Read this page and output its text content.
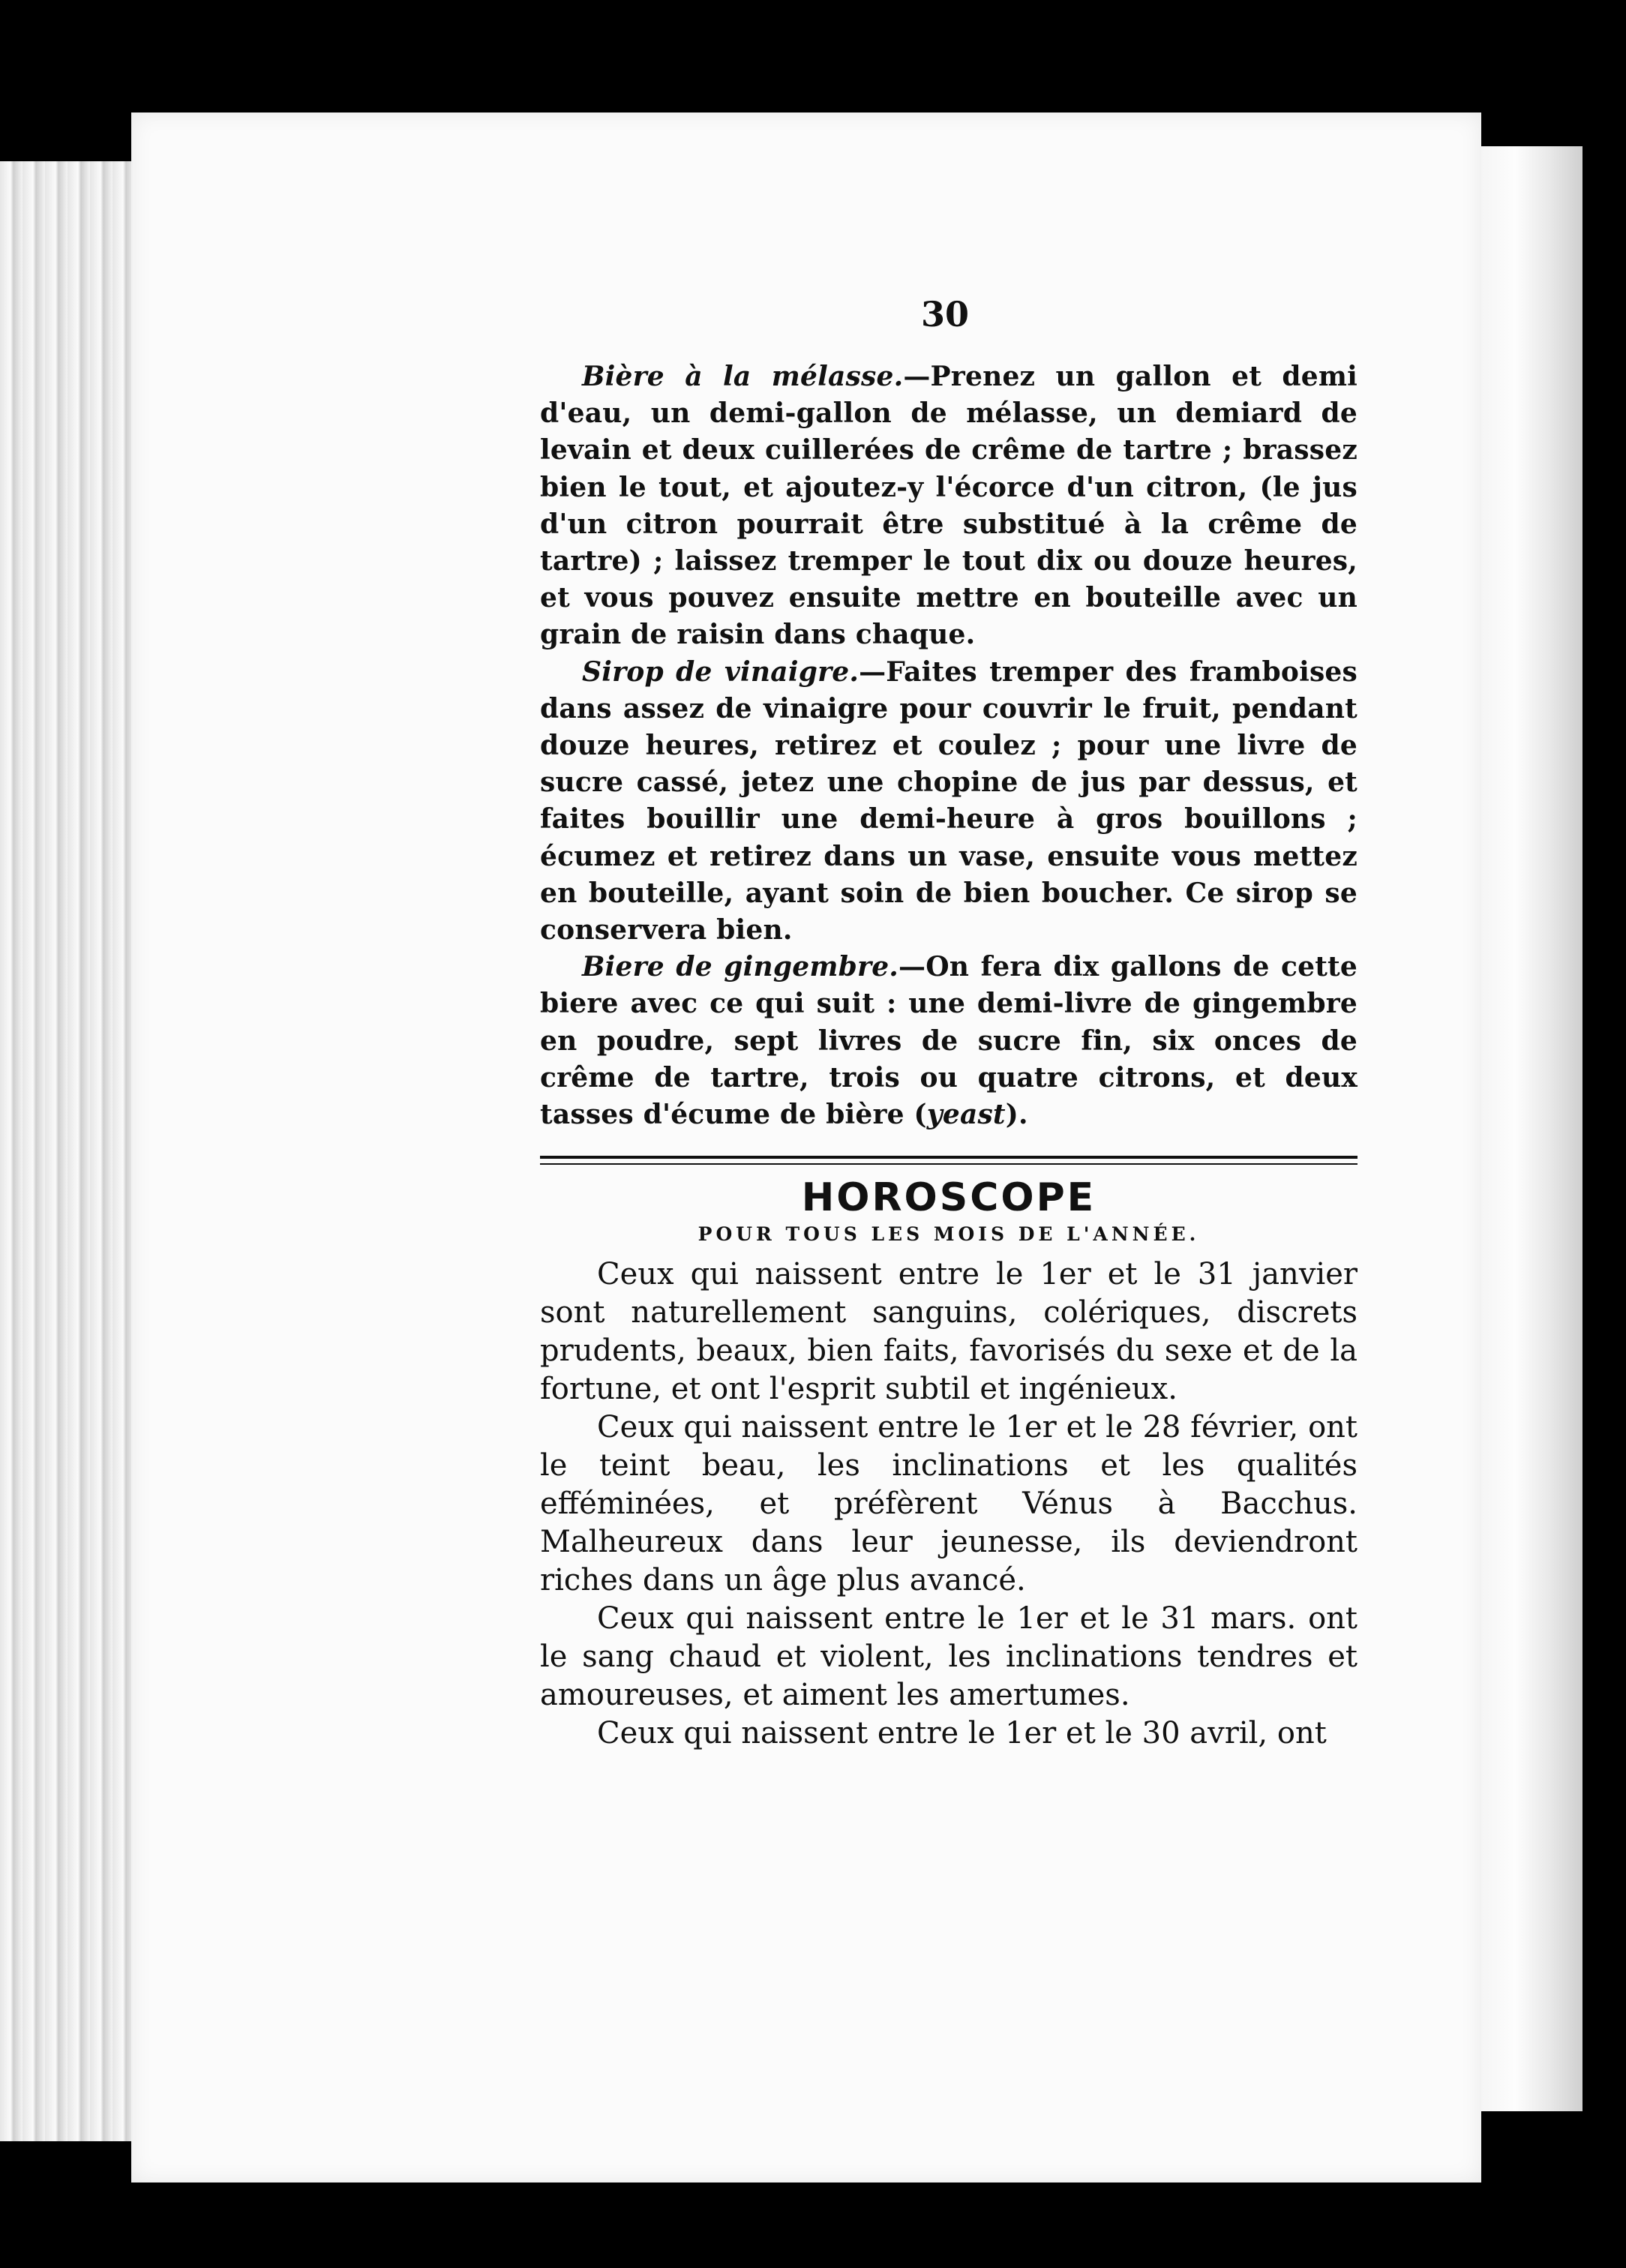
30

Bière à la mélasse.—Prenez un gallon et demi d'eau, un demi-gallon de mélasse, un demiard de levain et deux cuillerées de crême de tartre ; brassez bien le tout, et ajoutez-y l'écorce d'un citron, (le jus d'un citron pourrait être substitué à la crême de tartre) ; laissez tremper le tout dix ou douze heures, et vous pouvez ensuite mettre en bouteille avec un grain de raisin dans chaque.

Sirop de vinaigre.—Faites tremper des framboises dans assez de vinaigre pour couvrir le fruit, pendant douze heures, retirez et coulez ; pour une livre de sucre cassé, jetez une chopine de jus par dessus, et faites bouillir une demi-heure à gros bouillons ; écumez et retirez dans un vase, ensuite vous mettez en bouteille, ayant soin de bien boucher. Ce sirop se conservera bien.

Biere de gingembre.—On fera dix gallons de cette biere avec ce qui suit : une demi-livre de gingembre en poudre, sept livres de sucre fin, six onces de crême de tartre, trois ou quatre citrons, et deux tasses d'écume de bière (yeast).

HOROSCOPE
POUR TOUS LES MOIS DE L'ANNÉE.

Ceux qui naissent entre le 1er et le 31 janvier sont naturellement sanguins, colériques, discrets prudents, beaux, bien faits, favorisés du sexe et de la fortune, et ont l'esprit subtil et ingénieux.

Ceux qui naissent entre le 1er et le 28 février, ont le teint beau, les inclinations et les qualités efféminées, et préfèrent Vénus à Bacchus. Malheureux dans leur jeunesse, ils deviendront riches dans un âge plus avancé.

Ceux qui naissent entre le 1er et le 31 mars. ont le sang chaud et violent, les inclinations tendres et amoureuses, et aiment les amertumes.

Ceux qui naissent entre le 1er et le 30 avril, ont
